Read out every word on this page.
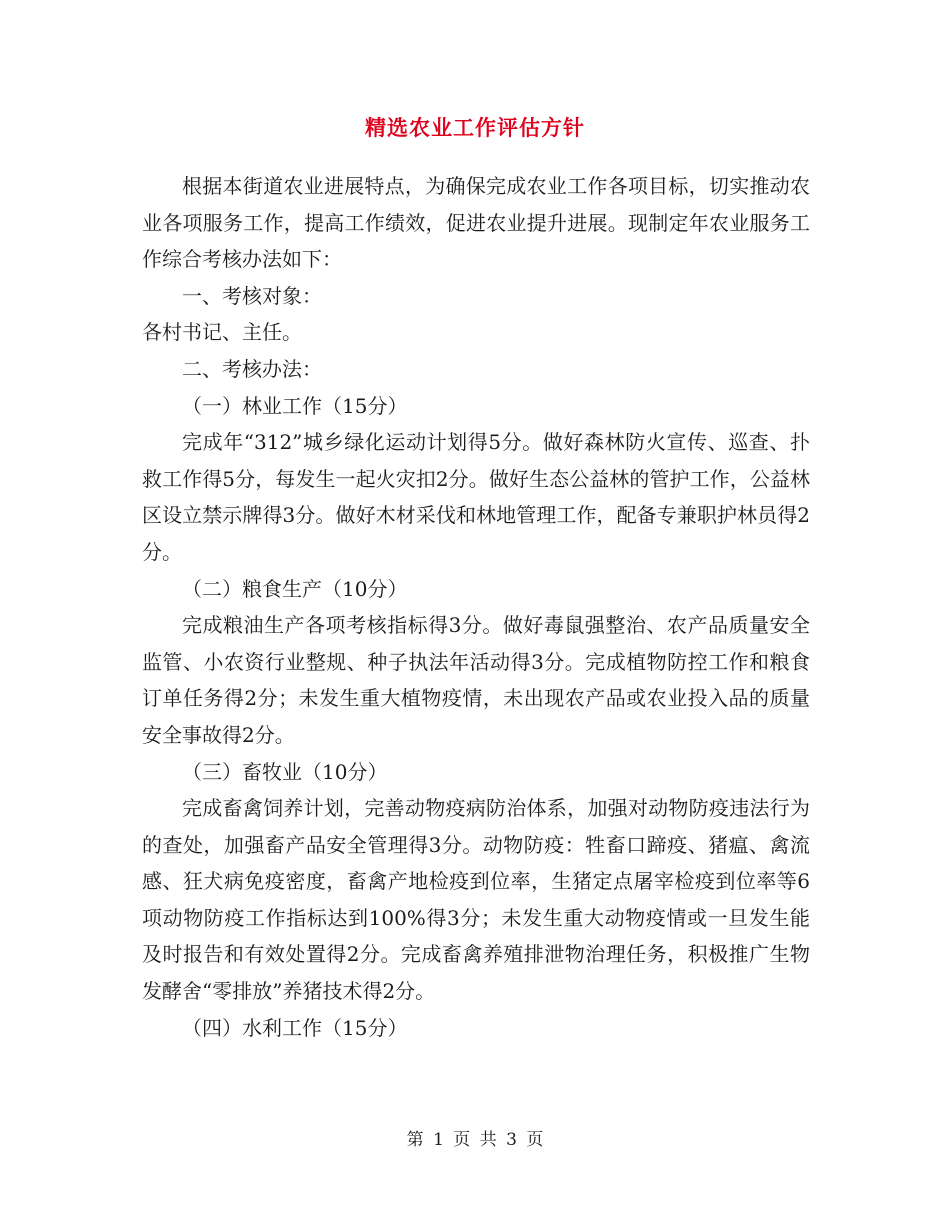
精选农业工作评估方针

根据本街道农业进展特点，为确保完成农业工作各项目标，切实推动农业各项服务工作，提高工作绩效，促进农业提升进展。现制定年农业服务工作综合考核办法如下：

一、考核对象：

各村书记、主任。

二、考核办法：

（一）林业工作（15分）

完成年“312”城乡绿化运动计划得5分。做好森林防火宣传、巡查、扑救工作得5分，每发生一起火灾扣2分。做好生态公益林的管护工作，公益林区设立禁示牌得3分。做好木材采伐和林地管理工作，配备专兼职护林员得2分。

（二）粮食生产（10分）

完成粮油生产各项考核指标得3分。做好毒鼠强整治、农产品质量安全监管、小农资行业整规、种子执法年活动得3分。完成植物防控工作和粮食订单任务得2分；未发生重大植物疫情，未出现农产品或农业投入品的质量安全事故得2分。

（三）畜牧业（10分）

完成畜禽饲养计划，完善动物疫病防治体系，加强对动物防疫违法行为的查处，加强畜产品安全管理得3分。动物防疫：牲畜口蹄疫、猪瘟、禽流感、狂犬病免疫密度，畜禽产地检疫到位率，生猪定点屠宰检疫到位率等6项动物防疫工作指标达到100%得3分；未发生重大动物疫情或一旦发生能及时报告和有效处置得2分。完成畜禽养殖排泄物治理任务，积极推广生物发酵舍“零排放”养猪技术得2分。

（四）水利工作（15分）

第 1 页 共 3 页
